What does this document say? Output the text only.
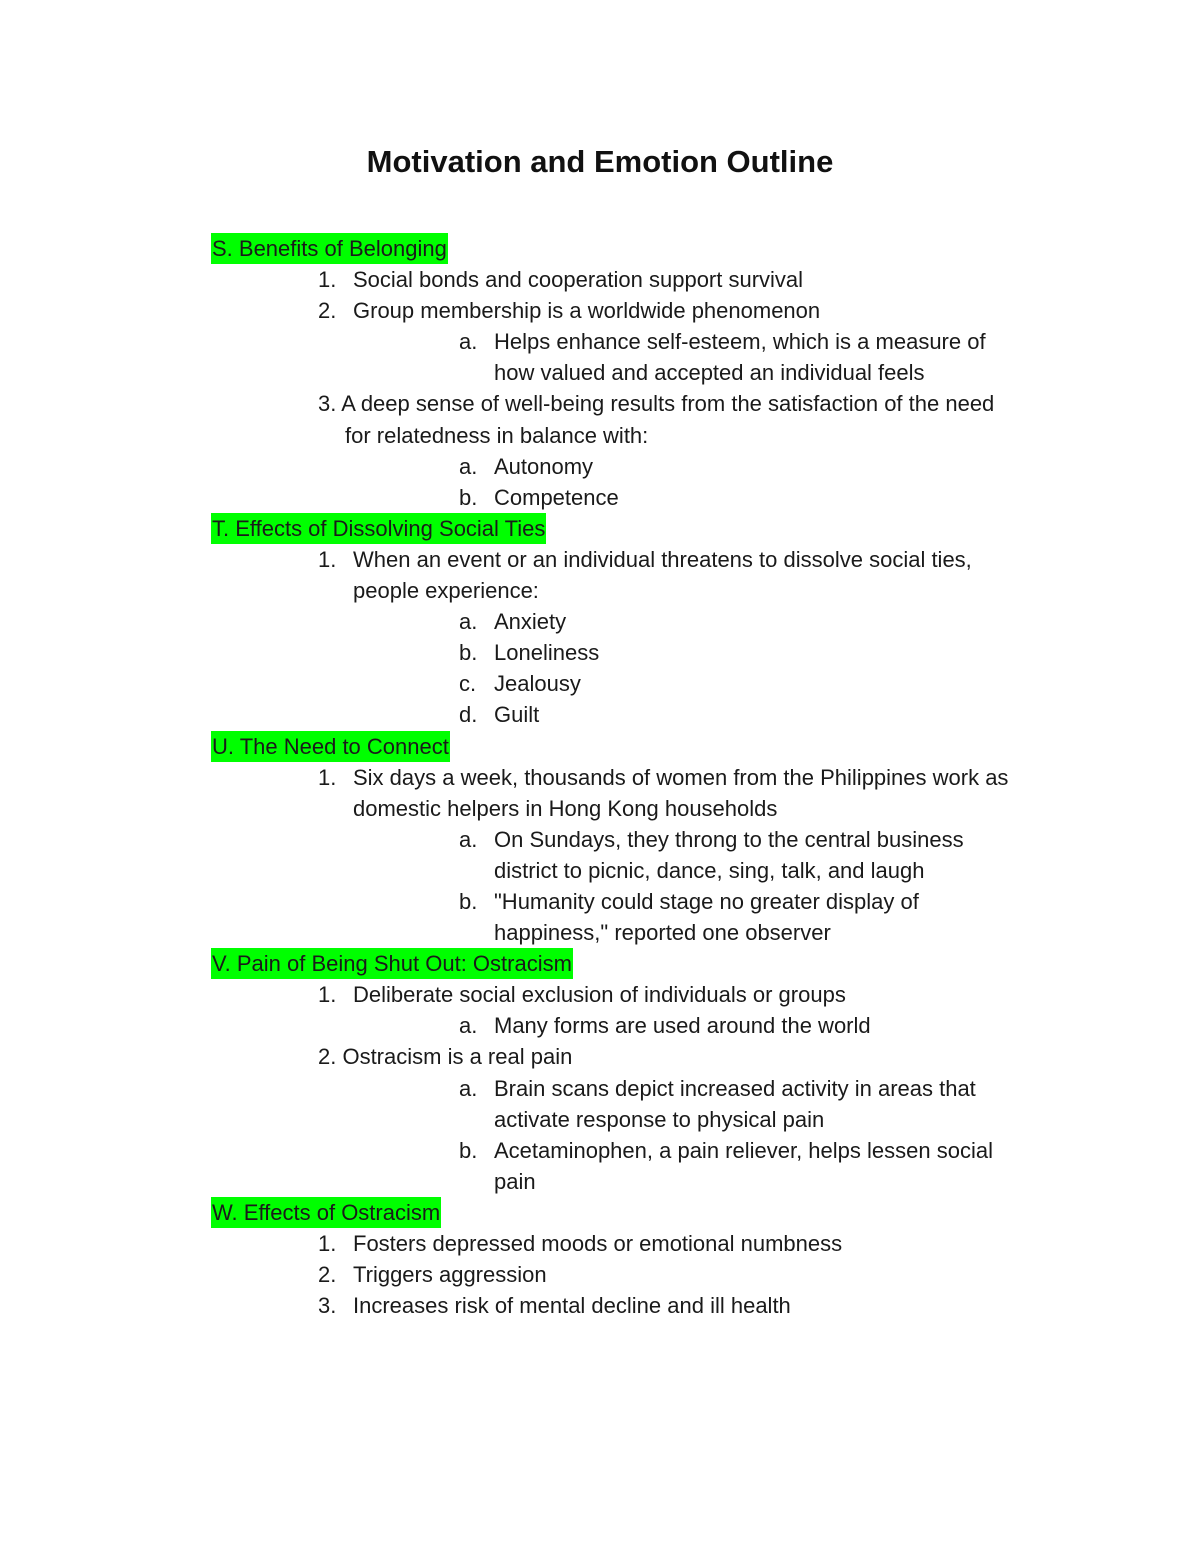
Motivation and Emotion Outline
S. Benefits of Belonging
1. Social bonds and cooperation support survival
2. Group membership is a worldwide phenomenon
a. Helps enhance self-esteem, which is a measure of
how valued and accepted an individual feels
3. A deep sense of well-being results from the satisfaction of the need
for relatedness in balance with:
a. Autonomy
b. Competence
T. Effects of Dissolving Social Ties
1. When an event or an individual threatens to dissolve social ties,
people experience:
a. Anxiety
b. Loneliness
c. Jealousy
d. Guilt
U. The Need to Connect
1. Six days a week, thousands of women from the Philippines work as
domestic helpers in Hong Kong households
a. On Sundays, they throng to the central business
district to picnic, dance, sing, talk, and laugh
b. "Humanity could stage no greater display of
happiness," reported one observer
V. Pain of Being Shut Out: Ostracism
1. Deliberate social exclusion of individuals or groups
a. Many forms are used around the world
2. Ostracism is a real pain
a. Brain scans depict increased activity in areas that
activate response to physical pain
b. Acetaminophen, a pain reliever, helps lessen social
pain
W. Effects of Ostracism
1. Fosters depressed moods or emotional numbness
2. Triggers aggression
3. Increases risk of mental decline and ill health
